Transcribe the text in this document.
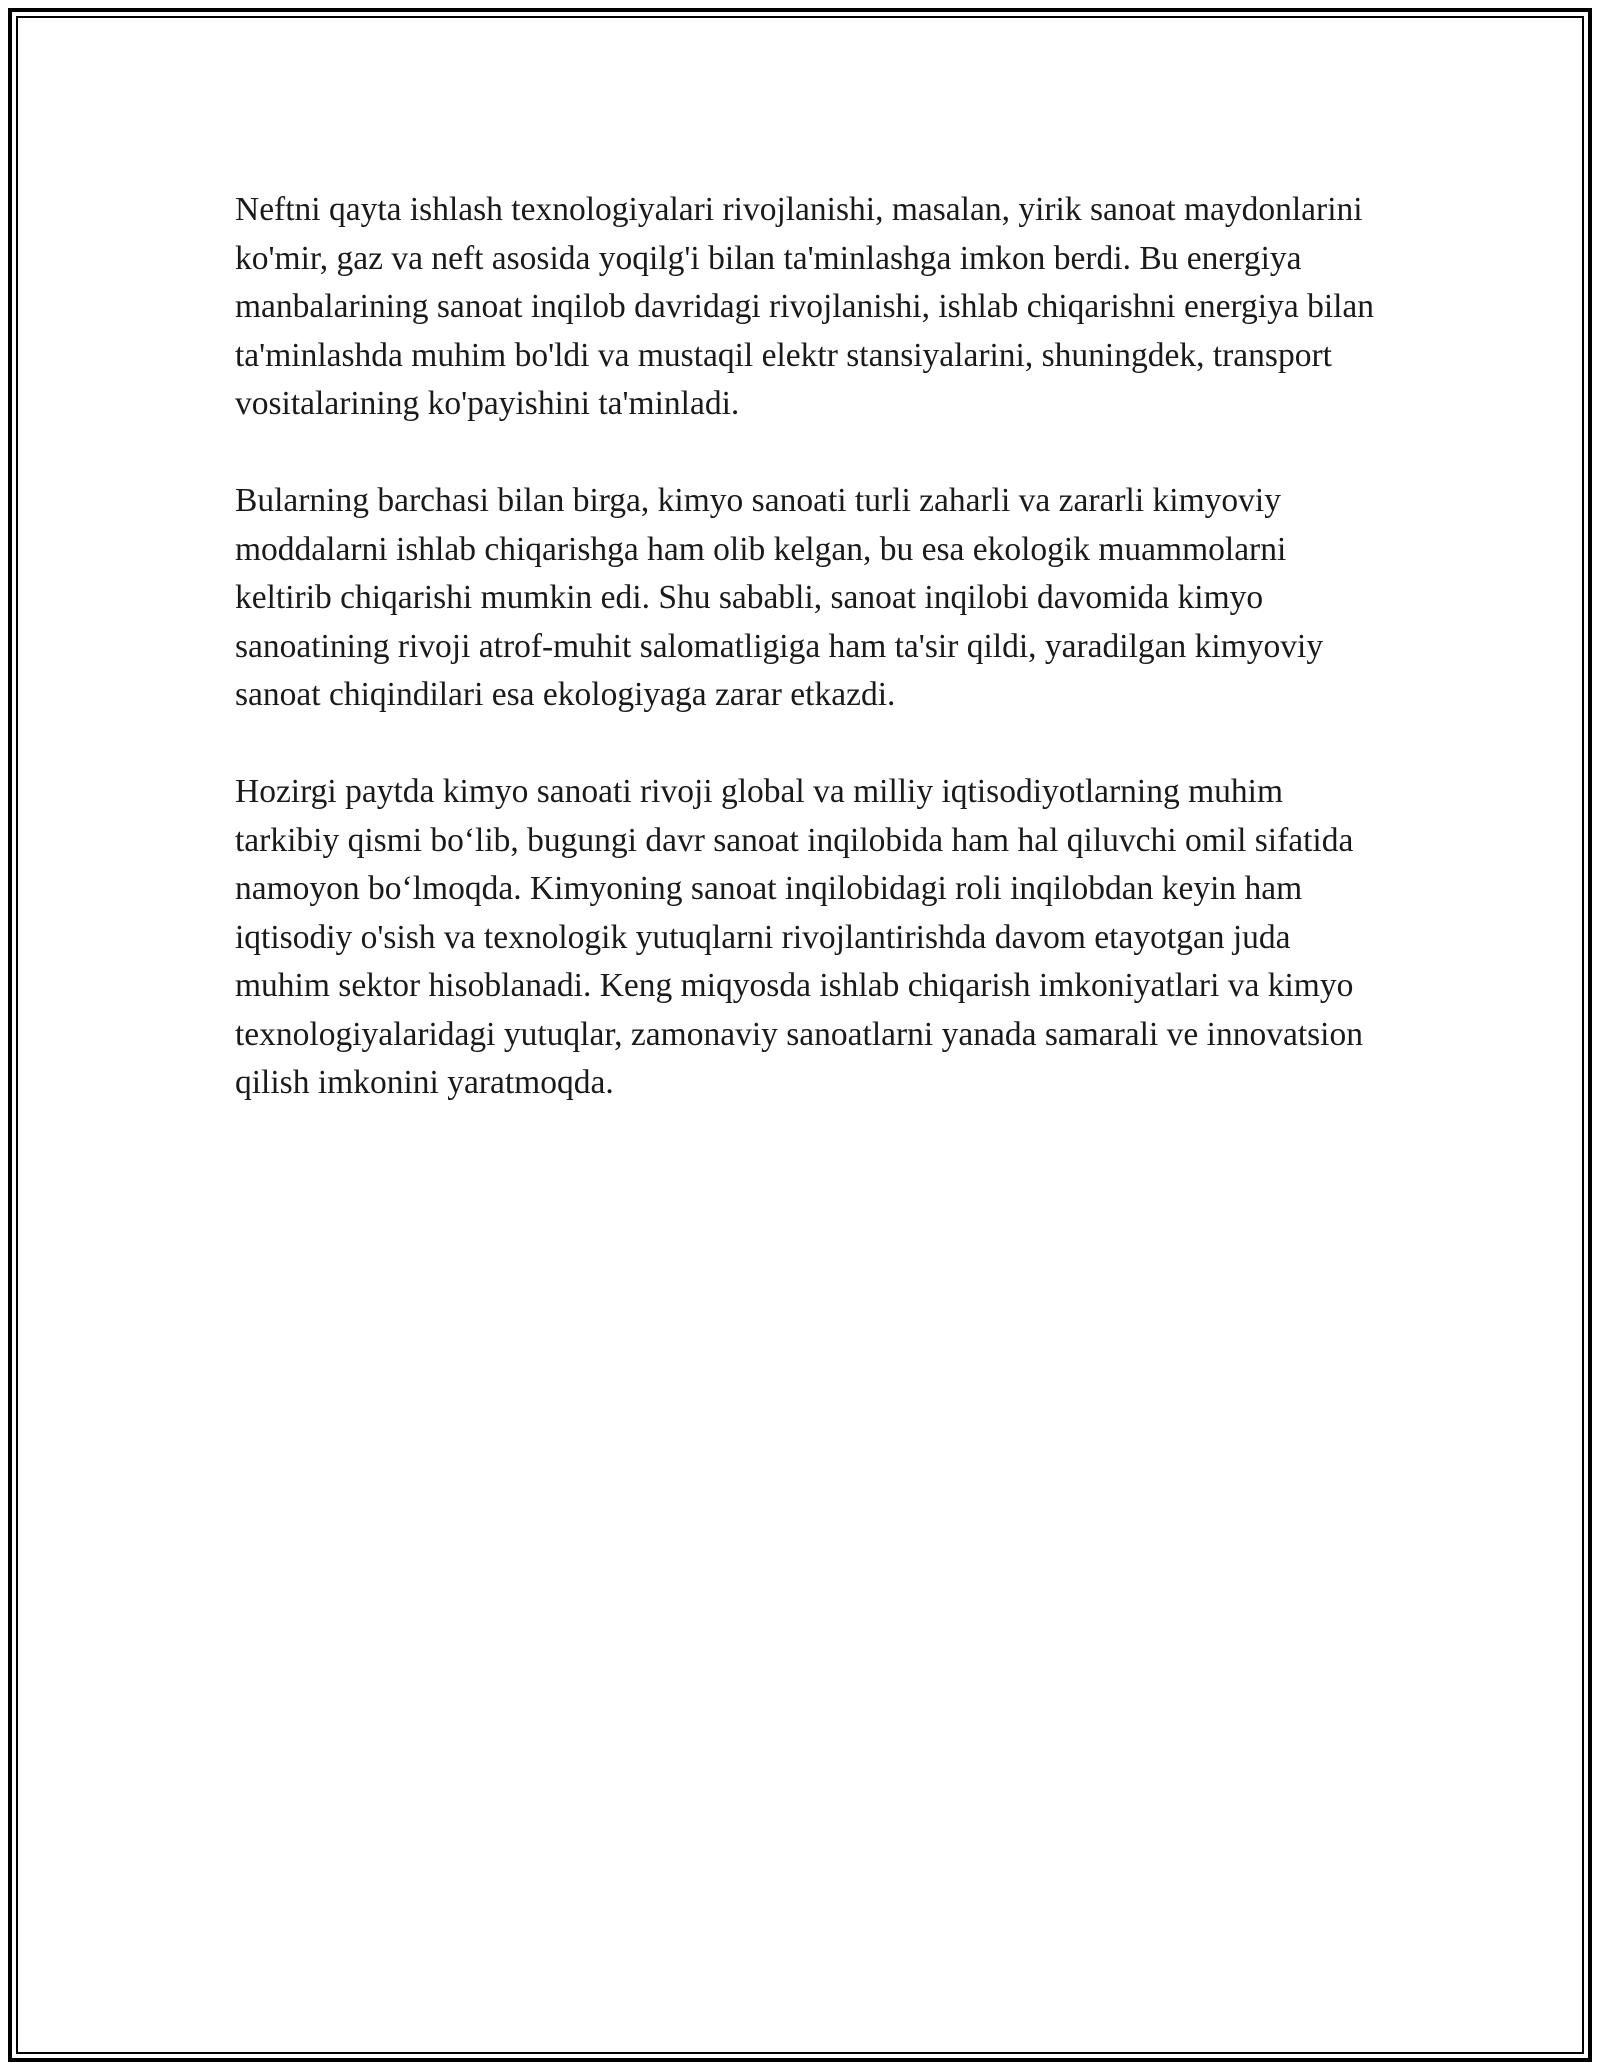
Neftni qayta ishlash texnologiyalari rivojlanishi, masalan, yirik sanoat maydonlarini ko'mir, gaz va neft asosida yoqilg'i bilan ta'minlashga imkon berdi. Bu energiya manbalarining sanoat inqilob davridagi rivojlanishi, ishlab chiqarishni energiya bilan ta'minlashda muhim bo'ldi va mustaqil elektr stansiyalarini, shuningdek, transport vositalarining ko'payishini ta'minladi.

Bularning barchasi bilan birga, kimyo sanoati turli zaharli va zararli kimyoviy moddalarni ishlab chiqarishga ham olib kelgan, bu esa ekologik muammolarni keltirib chiqarishi mumkin edi. Shu sababli, sanoat inqilobi davomida kimyo sanoatining rivoji atrof-muhit salomatligiga ham ta'sir qildi, yaradilgan kimyoviy sanoat chiqindilari esa ekologiyaga zarar etkazdi.

Hozirgi paytda kimyo sanoati rivoji global va milliy iqtisodiyotlarning muhim tarkibiy qismi bo‘lib, bugungi davr sanoat inqilobida ham hal qiluvchi omil sifatida namoyon bo‘lmoqda. Kimyoning sanoat inqilobidagi roli inqilobdan keyin ham iqtisodiy o'sish va texnologik yutuqlarni rivojlantirishda davom etayotgan juda muhim sektor hisoblanadi. Keng miqyosda ishlab chiqarish imkoniyatlari va kimyo texnologiyalaridagi yutuqlar, zamonaviy sanoatlarni yanada samarali ve innovatsion qilish imkonini yaratmoqda.
